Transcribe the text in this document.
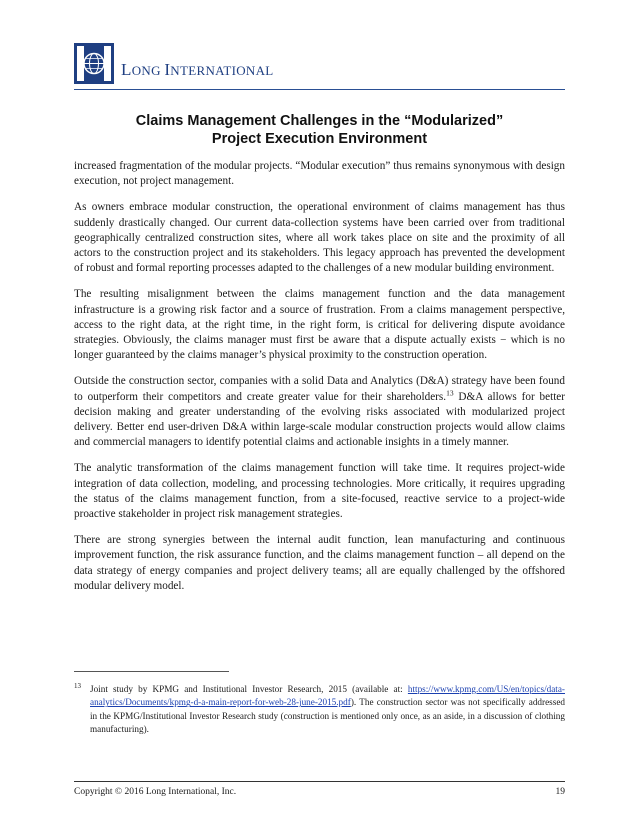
LONG INTERNATIONAL
Claims Management Challenges in the “Modularized”
Project Execution Environment

increased fragmentation of the modular projects. “Modular execution” thus remains synonymous with design execution, not project management.

As owners embrace modular construction, the operational environment of claims management has thus suddenly drastically changed. Our current data-collection systems have been carried over from traditional geographically centralized construction sites, where all work takes place on site and the proximity of all actors to the construction project and its stakeholders. This legacy approach has prevented the development of robust and formal reporting processes adapted to the challenges of a new modular building environment.

The resulting misalignment between the claims management function and the data management infrastructure is a growing risk factor and a source of frustration. From a claims management perspective, access to the right data, at the right time, in the right form, is critical for delivering dispute avoidance strategies. Obviously, the claims manager must first be aware that a dispute actually exists − which is no longer guaranteed by the claims manager’s physical proximity to the construction operation.

Outside the construction sector, companies with a solid Data and Analytics (D&A) strategy have been found to outperform their competitors and create greater value for their shareholders.$^{13}$ D&A allows for better decision making and greater understanding of the evolving risks associated with modularized project delivery. Better end user-driven D&A within large-scale modular construction projects would allow claims and commercial managers to identify potential claims and actionable insights in a timely manner.

The analytic transformation of the claims management function will take time. It requires project-wide integration of data collection, modeling, and processing technologies. More critically, it requires upgrading the status of the claims management function, from a site-focused, reactive service to a project-wide proactive stakeholder in project risk management strategies.

There are strong synergies between the internal audit function, lean manufacturing and continuous improvement function, the risk assurance function, and the claims management function – all depend on the data strategy of energy companies and project delivery teams; all are equally challenged by the offshored modular delivery model.

13 Joint study by KPMG and Institutional Investor Research, 2015 (available at: https://www.kpmg.com/US/en/topics/data-analytics/Documents/kpmg-d-a-main-report-for-web-28-june-2015.pdf). The construction sector was not specifically addressed in the KPMG/Institutional Investor Research study (construction is mentioned only once, as an aside, in a discussion of clothing manufacturing).
Copyright © 2016 Long International, Inc.	19
